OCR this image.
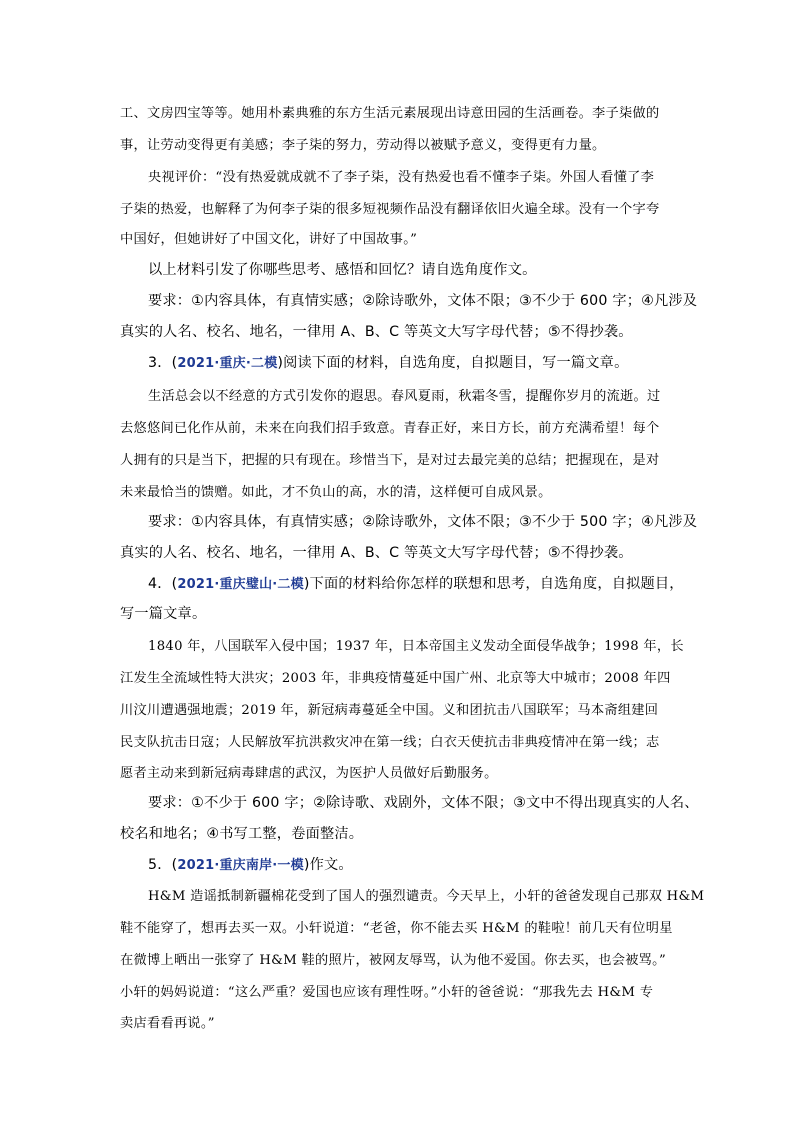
工、文房四宝等等。她用朴素典雅的东方生活元素展现出诗意田园的生活画卷。李子柒做的
事，让劳动变得更有美感；李子柒的努力，劳动得以被赋予意义，变得更有力量。
央视评价：“没有热爱就成就不了李子柒，没有热爱也看不懂李子柒。外国人看懂了李
子柒的热爱，也解释了为何李子柒的很多短视频作品没有翻译依旧火遍全球。没有一个字夸
中国好，但她讲好了中国文化，讲好了中国故事。”
以上材料引发了你哪些思考、感悟和回忆？请自选角度作文。
要求：①内容具体，有真情实感；②除诗歌外，文体不限；③不少于 600 字；④凡涉及
真实的人名、校名、地名，一律用 A、B、C 等英文大写字母代替；⑤不得抄袭。
3．(2021·重庆·二模)阅读下面的材料，自选角度，自拟题目，写一篇文章。
生活总会以不经意的方式引发你的遐思。春风夏雨，秋霜冬雪，提醒你岁月的流逝。过
去悠悠间已化作从前，未来在向我们招手致意。青春正好，来日方长，前方充满希望！每个
人拥有的只是当下，把握的只有现在。珍惜当下，是对过去最完美的总结；把握现在，是对
未来最恰当的馈赠。如此，才不负山的高，水的清，这样便可自成风景。
要求：①内容具体，有真情实感；②除诗歌外，文体不限；③不少于 500 字；④凡涉及
真实的人名、校名、地名，一律用 A、B、C 等英文大写字母代替；⑤不得抄袭。
4．(2021·重庆璧山·二模)下面的材料给你怎样的联想和思考，自选角度，自拟题目，
写一篇文章。
1840 年，八国联军入侵中国；1937 年，日本帝国主义发动全面侵华战争；1998 年，长
江发生全流域性特大洪灾；2003 年，非典疫情蔓延中国广州、北京等大中城市；2008 年四
川汶川遭遇强地震；2019 年，新冠病毒蔓延全中国。义和团抗击八国联军；马本斋组建回
民支队抗击日寇；人民解放军抗洪救灾冲在第一线；白衣天使抗击非典疫情冲在第一线；志
愿者主动来到新冠病毒肆虐的武汉，为医护人员做好后勤服务。
要求：①不少于 600 字；②除诗歌、戏剧外，文体不限；③文中不得出现真实的人名、
校名和地名；④书写工整，卷面整洁。
5．(2021·重庆南岸·一模)作文。
H&M 造谣抵制新疆棉花受到了国人的强烈谴责。今天早上，小轩的爸爸发现自己那双 H&M
鞋不能穿了，想再去买一双。小轩说道：“老爸，你不能去买 H&M 的鞋啦！前几天有位明星
在微博上晒出一张穿了 H&M 鞋的照片，被网友辱骂，认为他不爱国。你去买，也会被骂。”
小轩的妈妈说道：“这么严重？爱国也应该有理性呀。”小轩的爸爸说：“那我先去 H&M 专
卖店看看再说。”
